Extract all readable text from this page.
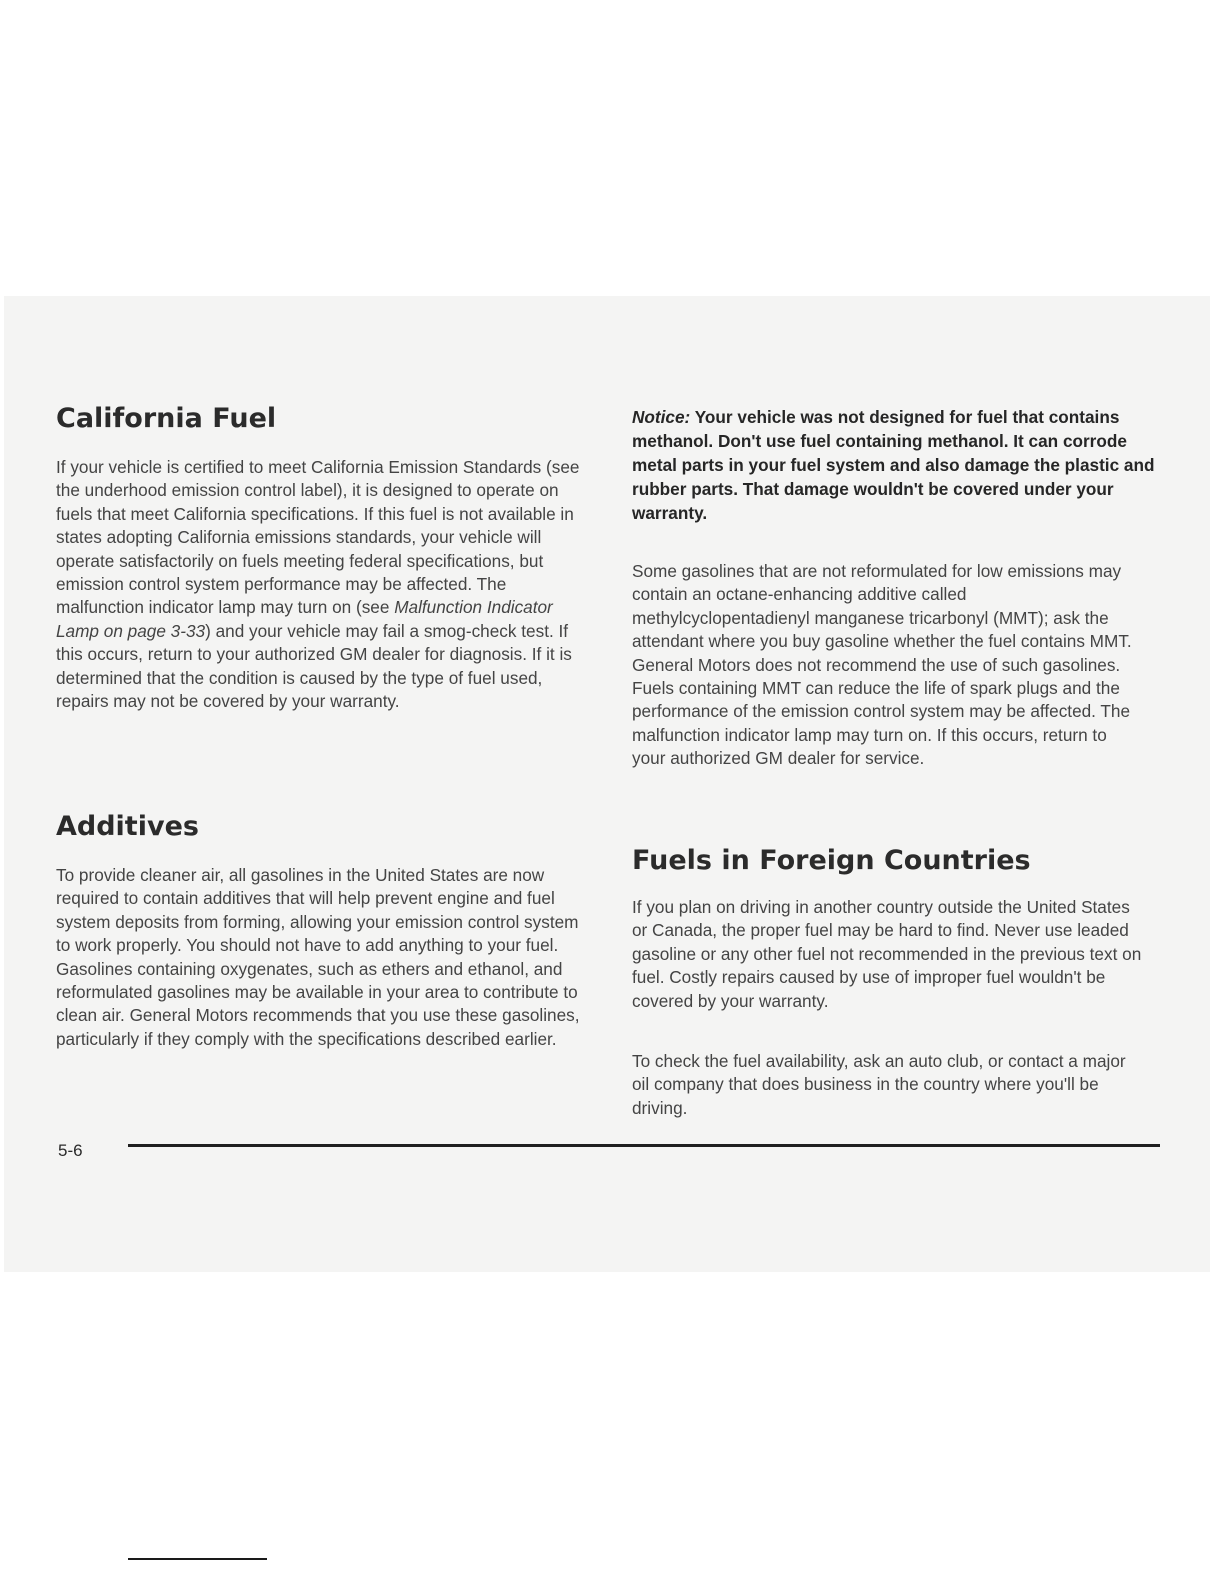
California Fuel

If your vehicle is certified to meet California Emission Standards (see the underhood emission control label), it is designed to operate on fuels that meet California specifications. If this fuel is not available in states adopting California emissions standards, your vehicle will operate satisfactorily on fuels meeting federal specifications, but emission control system performance may be affected. The malfunction indicator lamp may turn on (see Malfunction Indicator Lamp on page 3-33) and your vehicle may fail a smog-check test. If this occurs, return to your authorized GM dealer for diagnosis. If it is determined that the condition is caused by the type of fuel used, repairs may not be covered by your warranty.

Additives

To provide cleaner air, all gasolines in the United States are now required to contain additives that will help prevent engine and fuel system deposits from forming, allowing your emission control system to work properly. You should not have to add anything to your fuel. Gasolines containing oxygenates, such as ethers and ethanol, and reformulated gasolines may be available in your area to contribute to clean air. General Motors recommends that you use these gasolines, particularly if they comply with the specifications described earlier.

Notice: Your vehicle was not designed for fuel that contains methanol. Don't use fuel containing methanol. It can corrode metal parts in your fuel system and also damage the plastic and rubber parts. That damage wouldn't be covered under your warranty.

Some gasolines that are not reformulated for low emissions may contain an octane-enhancing additive called methylcyclopentadienyl manganese tricarbonyl (MMT); ask the attendant where you buy gasoline whether the fuel contains MMT. General Motors does not recommend the use of such gasolines. Fuels containing MMT can reduce the life of spark plugs and the performance of the emission control system may be affected. The malfunction indicator lamp may turn on. If this occurs, return to your authorized GM dealer for service.

Fuels in Foreign Countries

If you plan on driving in another country outside the United States or Canada, the proper fuel may be hard to find. Never use leaded gasoline or any other fuel not recommended in the previous text on fuel. Costly repairs caused by use of improper fuel wouldn't be covered by your warranty.

To check the fuel availability, ask an auto club, or contact a major oil company that does business in the country where you'll be driving.

5-6
